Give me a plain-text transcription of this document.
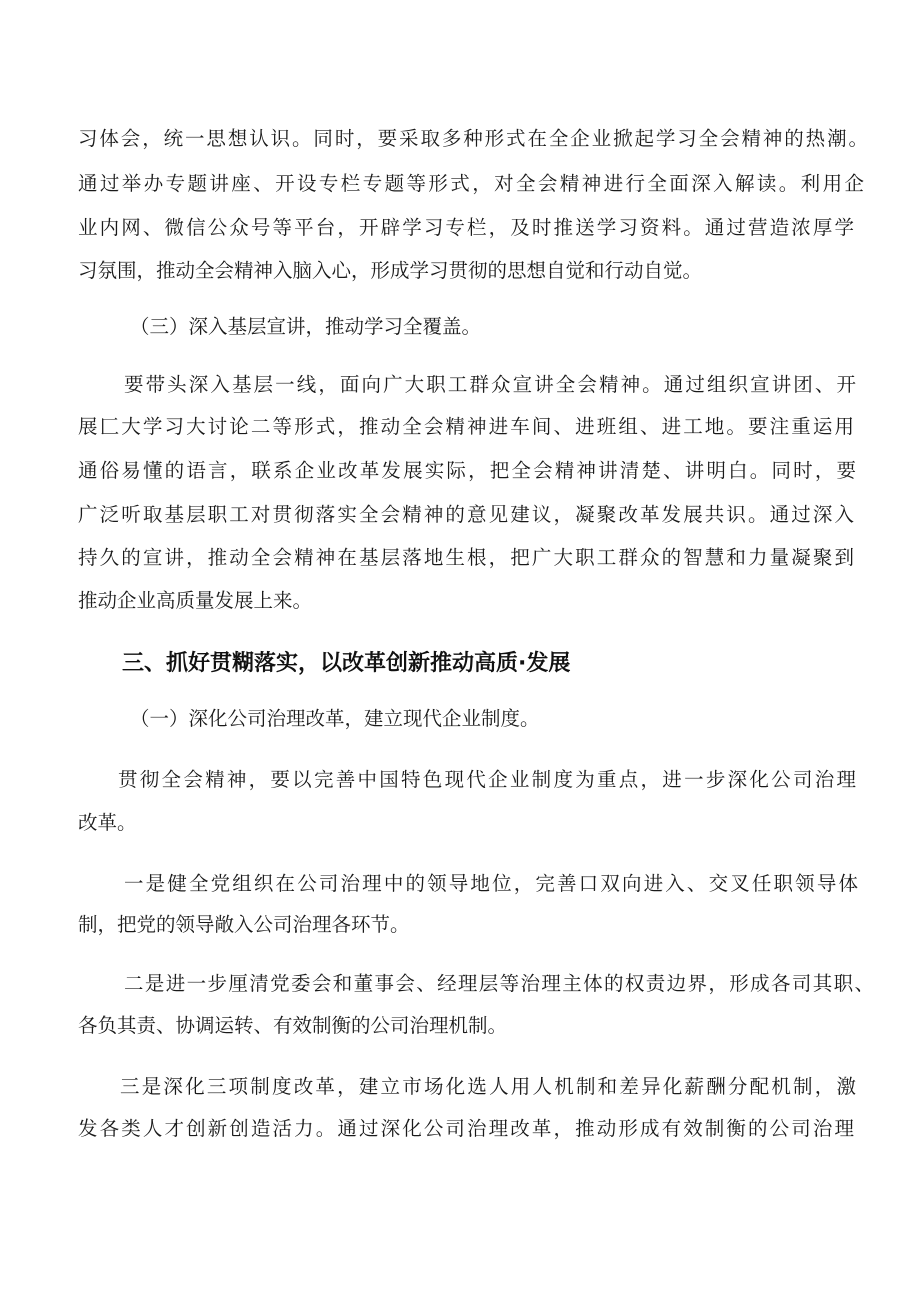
习体会，统一思想认识。同时，要采取多种形式在全企业掀起学习全会精神的热潮。
通过举办专题讲座、开设专栏专题等形式，对全会精神进行全面深入解读。利用企
业内网、微信公众号等平台，开辟学习专栏，及时推送学习资料。通过营造浓厚学
习氛围，推动全会精神入脑入心，形成学习贯彻的思想自觉和行动自觉。
（三）深入基层宣讲，推动学习全覆盖。
要带头深入基层一线，面向广大职工群众宣讲全会精神。通过组织宣讲团、开
展匚大学习大讨论二等形式，推动全会精神进车间、进班组、进工地。要注重运用
通俗易懂的语言，联系企业改革发展实际，把全会精神讲清楚、讲明白。同时，要
广泛听取基层职工对贯彻落实全会精神的意见建议，凝聚改革发展共识。通过深入
持久的宣讲，推动全会精神在基层落地生根，把广大职工群众的智慧和力量凝聚到
推动企业高质量发展上来。
三、抓好贯糊落实，以改革创新推动高质·发展
（一）深化公司治理改革，建立现代企业制度。
贯彻全会精神，要以完善中国特色现代企业制度为重点，进一步深化公司治理
改革。
一是健全党组织在公司治理中的领导地位，完善口双向进入、交叉任职领导体
制，把党的领导敞入公司治理各环节。
二是进一步厘清党委会和董事会、经理层等治理主体的权责边界，形成各司其职、
各负其责、协调运转、有效制衡的公司治理机制。
三是深化三项制度改革，建立市场化选人用人机制和差异化薪酬分配机制，激
发各类人才创新创造活力。通过深化公司治理改革，推动形成有效制衡的公司治理
